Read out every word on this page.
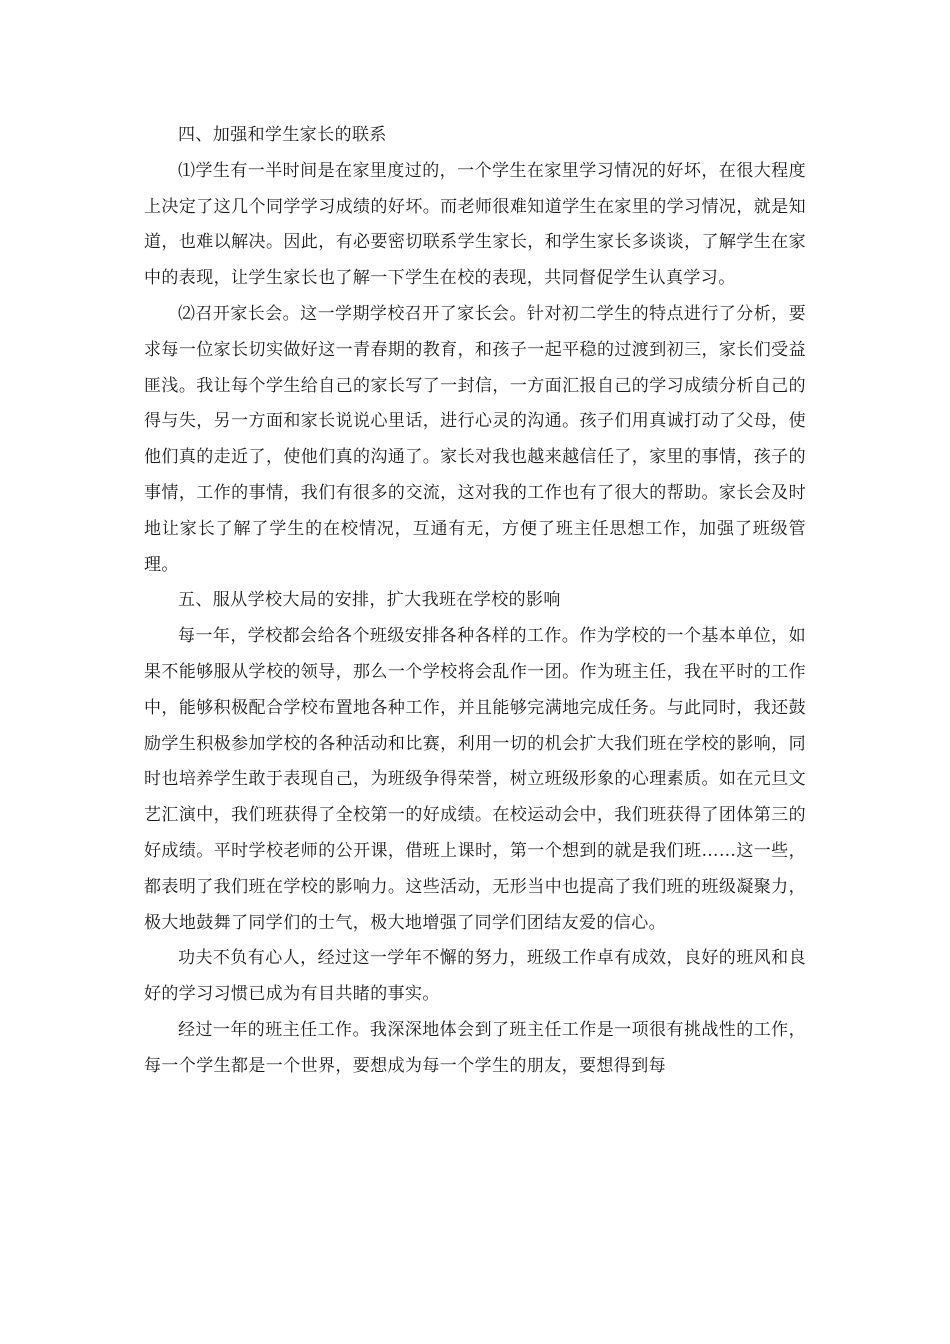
四、加强和学生家长的联系

⑴学生有一半时间是在家里度过的，一个学生在家里学习情况的好坏，在很大程度上决定了这几个同学学习成绩的好坏。而老师很难知道学生在家里的学习情况，就是知道，也难以解决。因此，有必要密切联系学生家长，和学生家长多谈谈，了解学生在家中的表现，让学生家长也了解一下学生在校的表现，共同督促学生认真学习。

⑵召开家长会。这一学期学校召开了家长会。针对初二学生的特点进行了分析，要求每一位家长切实做好这一青春期的教育，和孩子一起平稳的过渡到初三，家长们受益匪浅。我让每个学生给自己的家长写了一封信，一方面汇报自己的学习成绩分析自己的得与失，另一方面和家长说说心里话，进行心灵的沟通。孩子们用真诚打动了父母，使他们真的走近了，使他们真的沟通了。家长对我也越来越信任了，家里的事情，孩子的事情，工作的事情，我们有很多的交流，这对我的工作也有了很大的帮助。家长会及时地让家长了解了学生的在校情况，互通有无，方便了班主任思想工作，加强了班级管理。

五、服从学校大局的安排，扩大我班在学校的影响

每一年，学校都会给各个班级安排各种各样的工作。作为学校的一个基本单位，如果不能够服从学校的领导，那么一个学校将会乱作一团。作为班主任，我在平时的工作中，能够积极配合学校布置地各种工作，并且能够完满地完成任务。与此同时，我还鼓励学生积极参加学校的各种活动和比赛，利用一切的机会扩大我们班在学校的影响，同时也培养学生敢于表现自己，为班级争得荣誉，树立班级形象的心理素质。如在元旦文艺汇演中，我们班获得了全校第一的好成绩。在校运动会中，我们班获得了团体第三的好成绩。平时学校老师的公开课，借班上课时，第一个想到的就是我们班……这一些，都表明了我们班在学校的影响力。这些活动，无形当中也提高了我们班的班级凝聚力，极大地鼓舞了同学们的士气，极大地增强了同学们团结友爱的信心。

功夫不负有心人，经过这一学年不懈的努力，班级工作卓有成效，良好的班风和良好的学习习惯已成为有目共睹的事实。

经过一年的班主任工作。我深深地体会到了班主任工作是一项很有挑战性的工作，每一个学生都是一个世界，要想成为每一个学生的朋友，要想得到每
